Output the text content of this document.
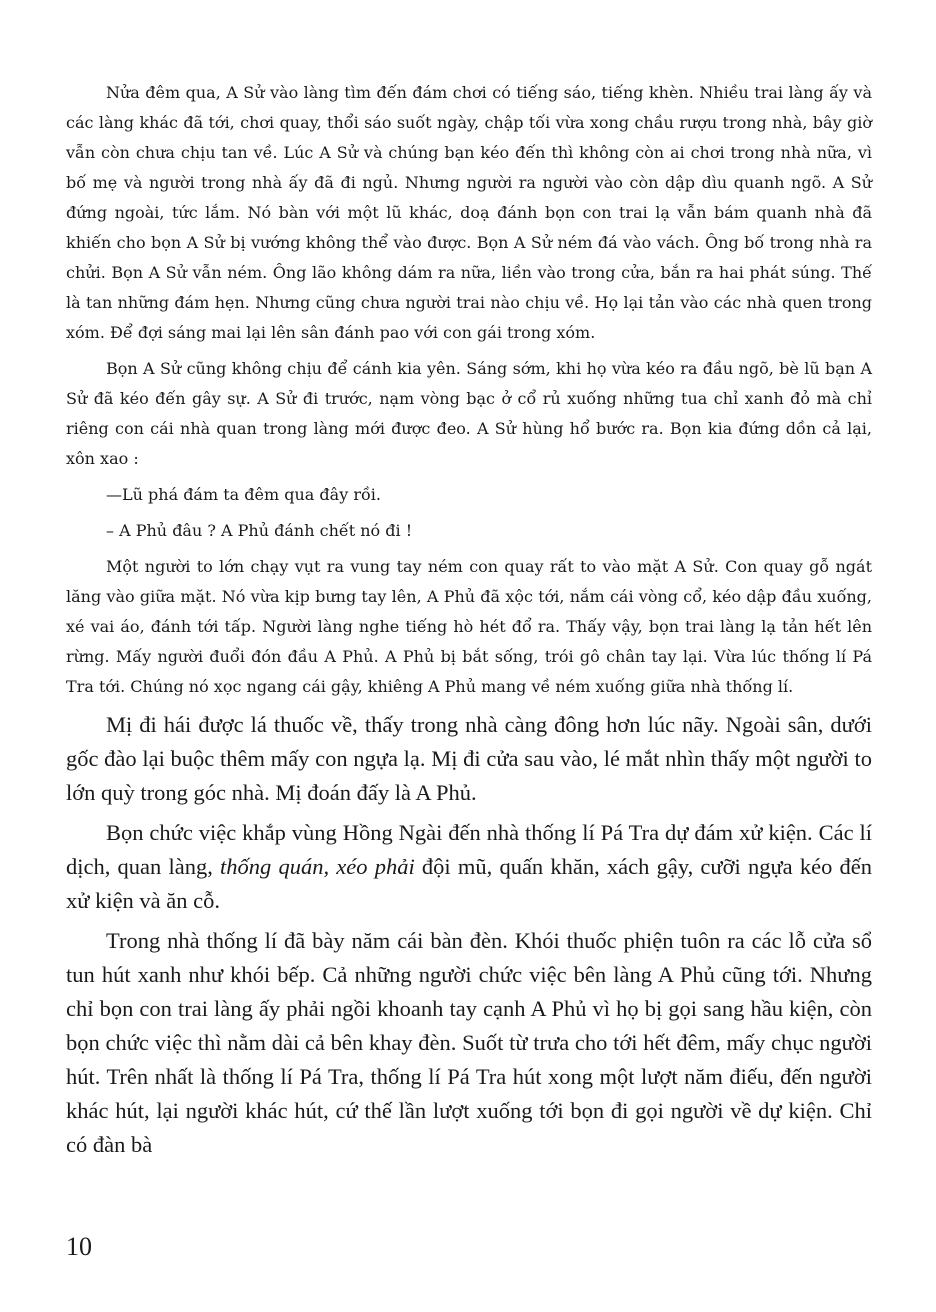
Nửa đêm qua, A Sử vào làng tìm đến đám chơi có tiếng sáo, tiếng khèn. Nhiều trai làng ấy và các làng khác đã tới, chơi quay, thổi sáo suốt ngày, chập tối vừa xong chầu rượu trong nhà, bây giờ vẫn còn chưa chịu tan về. Lúc A Sử và chúng bạn kéo đến thì không còn ai chơi trong nhà nữa, vì bố mẹ và người trong nhà ấy đã đi ngủ. Nhưng người ra người vào còn dập dìu quanh ngõ. A Sử đứng ngoài, tức lắm. Nó bàn với một lũ khác, doạ đánh bọn con trai lạ vẫn bám quanh nhà đã khiến cho bọn A Sử bị vướng không thể vào được. Bọn A Sử ném đá vào vách. Ông bố trong nhà ra chửi. Bọn A Sử vẫn ném. Ông lão không dám ra nữa, liền vào trong cửa, bắn ra hai phát súng. Thế là tan những đám hẹn. Nhưng cũng chưa người trai nào chịu về. Họ lại tản vào các nhà quen trong xóm. Để đợi sáng mai lại lên sân đánh pao với con gái trong xóm.

Bọn A Sử cũng không chịu để cánh kia yên. Sáng sớm, khi họ vừa kéo ra đầu ngõ, bè lũ bạn A Sử đã kéo đến gây sự. A Sử đi trước, nạm vòng bạc ở cổ rủ xuống những tua chỉ xanh đỏ mà chỉ riêng con cái nhà quan trong làng mới được đeo. A Sử hùng hổ bước ra. Bọn kia đứng dồn cả lại, xôn xao :

—Lũ phá đám ta đêm qua đây rồi.

– A Phủ đâu ? A Phủ đánh chết nó đi !

Một người to lớn chạy vụt ra vung tay ném con quay rất to vào mặt A Sử. Con quay gỗ ngát lăng vào giữa mặt. Nó vừa kịp bưng tay lên, A Phủ đã xộc tới, nắm cái vòng cổ, kéo dập đầu xuống, xé vai áo, đánh tới tấp. Người làng nghe tiếng hò hét đổ ra. Thấy vậy, bọn trai làng lạ tản hết lên rừng. Mấy người đuổi đón đầu A Phủ. A Phủ bị bắt sống, trói gô chân tay lại. Vừa lúc thống lí Pá Tra tới. Chúng nó xọc ngang cái gậy, khiêng A Phủ mang về ném xuống giữa nhà thống lí.

Mị đi hái được lá thuốc về, thấy trong nhà càng đông hơn lúc nãy. Ngoài sân, dưới gốc đào lại buộc thêm mấy con ngựa lạ. Mị đi cửa sau vào, lé mắt nhìn thấy một người to lớn quỳ trong góc nhà. Mị đoán đấy là A Phủ.

Bọn chức việc khắp vùng Hồng Ngài đến nhà thống lí Pá Tra dự đám xử kiện. Các lí dịch, quan làng, thống quán, xéo phải đội mũ, quấn khăn, xách gậy, cưỡi ngựa kéo đến xử kiện và ăn cỗ.

Trong nhà thống lí đã bày năm cái bàn đèn. Khói thuốc phiện tuôn ra các lỗ cửa sổ tun hút xanh như khói bếp. Cả những người chức việc bên làng A Phủ cũng tới. Nhưng chỉ bọn con trai làng ấy phải ngồi khoanh tay cạnh A Phủ vì họ bị gọi sang hầu kiện, còn bọn chức việc thì nằm dài cả bên khay đèn. Suốt từ trưa cho tới hết đêm, mấy chục người hút. Trên nhất là thống lí Pá Tra, thống lí Pá Tra hút xong một lượt năm điếu, đến người khác hút, lại người khác hút, cứ thế lần lượt xuống tới bọn đi gọi người về dự kiện. Chỉ có đàn bà

10
